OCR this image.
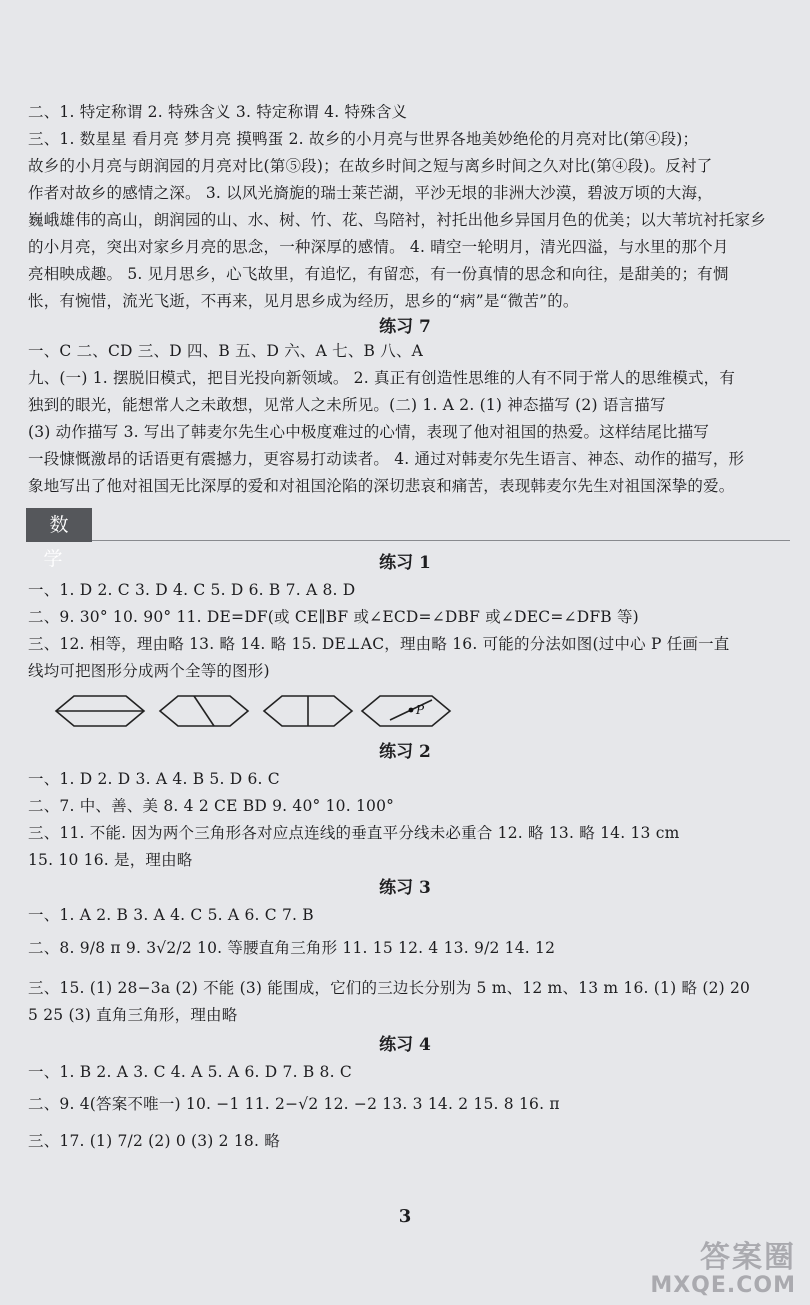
二、1. 特定称谓 2. 特殊含义 3. 特定称谓 4. 特殊含义
三、1. 数星星 看月亮 梦月亮 摸鸭蛋 2. 故乡的小月亮与世界各地美妙绝伦的月亮对比(第④段)；
故乡的小月亮与朗润园的月亮对比(第⑤段)；在故乡时间之短与离乡时间之久对比(第④段)。反衬了
作者对故乡的感情之深。 3. 以风光旖旎的瑞士莱芒湖，平沙无垠的非洲大沙漠，碧波万顷的大海，
巍峨雄伟的高山，朗润园的山、水、树、竹、花、鸟陪衬，衬托出他乡异国月色的优美；以大苇坑衬托家乡
的小月亮，突出对家乡月亮的思念，一种深厚的感情。 4. 晴空一轮明月，清光四溢，与水里的那个月
亮相映成趣。 5. 见月思乡，心飞故里，有追忆，有留恋，有一份真情的思念和向往，是甜美的；有惆
怅，有惋惜，流光飞逝，不再来，见月思乡成为经历，思乡的“病”是“微苦”的。
练习 7
一、C 二、CD 三、D 四、B 五、D 六、A 七、B 八、A
九、(一) 1. 摆脱旧模式，把目光投向新领域。 2. 真正有创造性思维的人有不同于常人的思维模式，有
独到的眼光，能想常人之未敢想，见常人之未所见。(二) 1. A 2. (1) 神态描写 (2) 语言描写
(3) 动作描写 3. 写出了韩麦尔先生心中极度难过的心情，表现了他对祖国的热爱。这样结尾比描写
一段慷慨激昂的话语更有震撼力，更容易打动读者。 4. 通过对韩麦尔先生语言、神态、动作的描写，形
象地写出了他对祖国无比深厚的爱和对祖国沦陷的深切悲哀和痛苦，表现韩麦尔先生对祖国深挚的爱。
数学	练习 1
一、1. D 2. C 3. D 4. C 5. D 6. B 7. A 8. D
二、9. 30° 10. 90° 11. DE=DF(或 CE∥BF 或∠ECD=∠DBF 或∠DEC=∠DFB 等)
三、12. 相等，理由略 13. 略 14. 略 15. DE⊥AC，理由略 16. 可能的分法如图(过中心 P 任画一直
线均可把图形分成两个全等的图形)
P
练习 2
一、1. D 2. D 3. A 4. B 5. D 6. C
二、7. 中、善、美 8. 4 2 CE BD 9. 40° 10. 100°
三、11. 不能. 因为两个三角形各对应点连线的垂直平分线未必重合 12. 略 13. 略 14. 13 cm
15. 10 16. 是，理由略
练习 3
一、1. A 2. B 3. A 4. C 5. A 6. C 7. B
二、8. 9/8 π 9. 3√2/2 10. 等腰直角三角形 11. 15 12. 4 13. 9/2 14. 12
三、15. (1) 28−3a (2) 不能 (3) 能围成，它们的三边长分别为 5 m、12 m、13 m 16. (1) 略 (2) 20
5 25 (3) 直角三角形，理由略
练习 4
一、1. B 2. A 3. C 4. A 5. A 6. D 7. B 8. C
二、9. 4(答案不唯一) 10. −1 11. 2−√2 12. −2 13. 3 14. 2 15. 8 16. π
三、17. (1) 7/2 (2) 0 (3) 2 18. 略
3
答案圈
MXQE.COM
